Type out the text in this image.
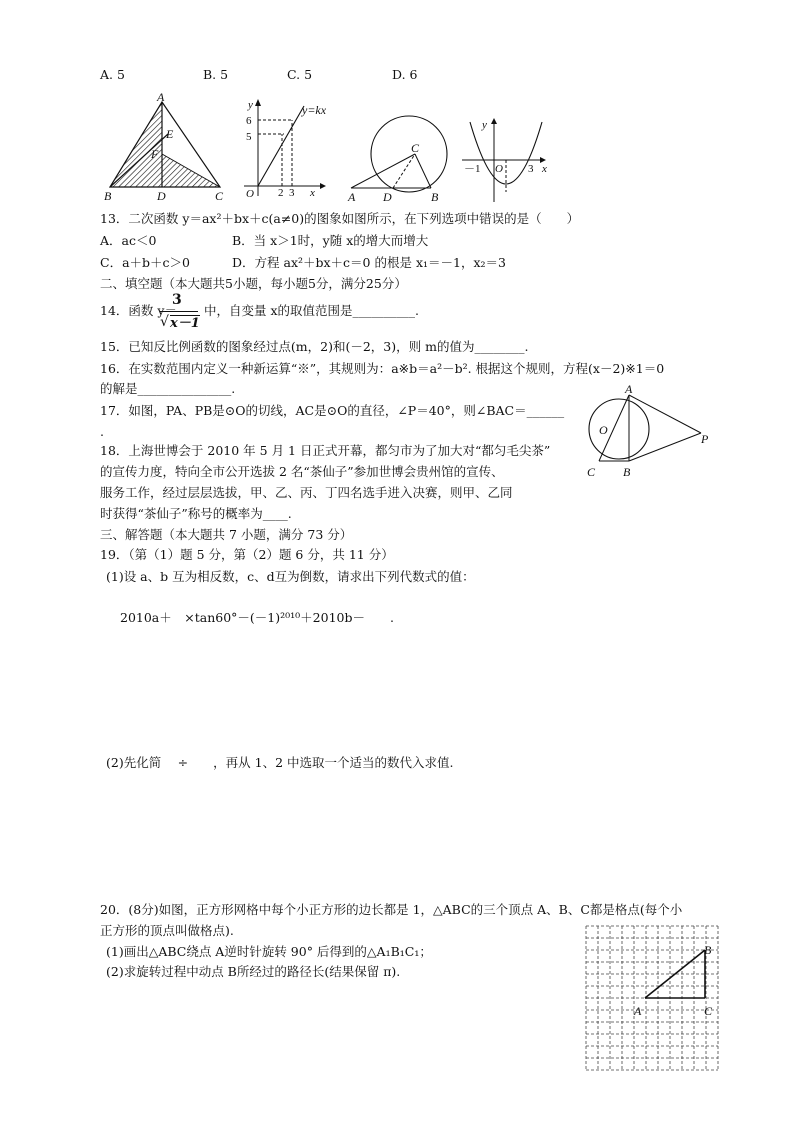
A. 5	B. 5	C. 5	D. 6
A
E
F
B	D	C
y	y=kx
6
5
O 2 3 x
C
A D	B
y
－1 O 3 x
13．二次函数 y＝ax²＋bx＋c(a≠0)的图象如图所示，在下列选项中错误的是（　　）
A．ac＜0	B．当 x＞1时，y随 x的增大而增大
C．a＋b＋c＞0	D．方程 ax²＋bx＋c＝0 的根是 x₁＝－1，x₂＝3
二、填空题（本大题共5小题，每小题5分，满分25分）
14．函数 y＝
3
√ x－1
中，自变量 x的取值范围是__________.
15．已知反比例函数的图象经过点(m，2)和(－2，3)，则 m的值为________.
16．在实数范围内定义一种新运算“※”，其规则为：a※b＝a²－b². 根据这个规则，方程(x－2)※1＝0
的解是_______________.
17．如图，PA、PB是⊙O的切线，AC是⊙O的直径，∠P＝40°，则∠BAC＝______
.
A
O
P
C B
18．上海世博会于 2010 年 5 月 1 日正式开幕，都匀市为了加大对“都匀毛尖茶”
的宣传力度，特向全市公开选拔 2 名“茶仙子”参加世博会贵州馆的宣传、
服务工作，经过层层选拔，甲、乙、丙、丁四名选手进入决赛，则甲、乙同
时获得“茶仙子”称号的概率为____.
三、解答题（本大题共 7 小题，满分 73 分）
19．（第（1）题 5 分，第（2）题 6 分，共 11 分）
(1)设 a、b 互为相反数，c、d互为倒数，请求出下列代数式的值：
2010a＋　×tan60°－(－1)²⁰¹⁰＋2010b－　　.
(2)先化简　 ÷　　，再从 1、2 中选取一个适当的数代入求值.
20．(8分)如图，正方形网格中每个小正方形的边长都是 1，△ABC的三个顶点 A、B、C都是格点(每个小
正方形的顶点叫做格点).
(1)画出△ABC绕点 A逆时针旋转 90° 后得到的△A₁B₁C₁；
(2)求旋转过程中动点 B所经过的路径长(结果保留 π).
B
A	C
